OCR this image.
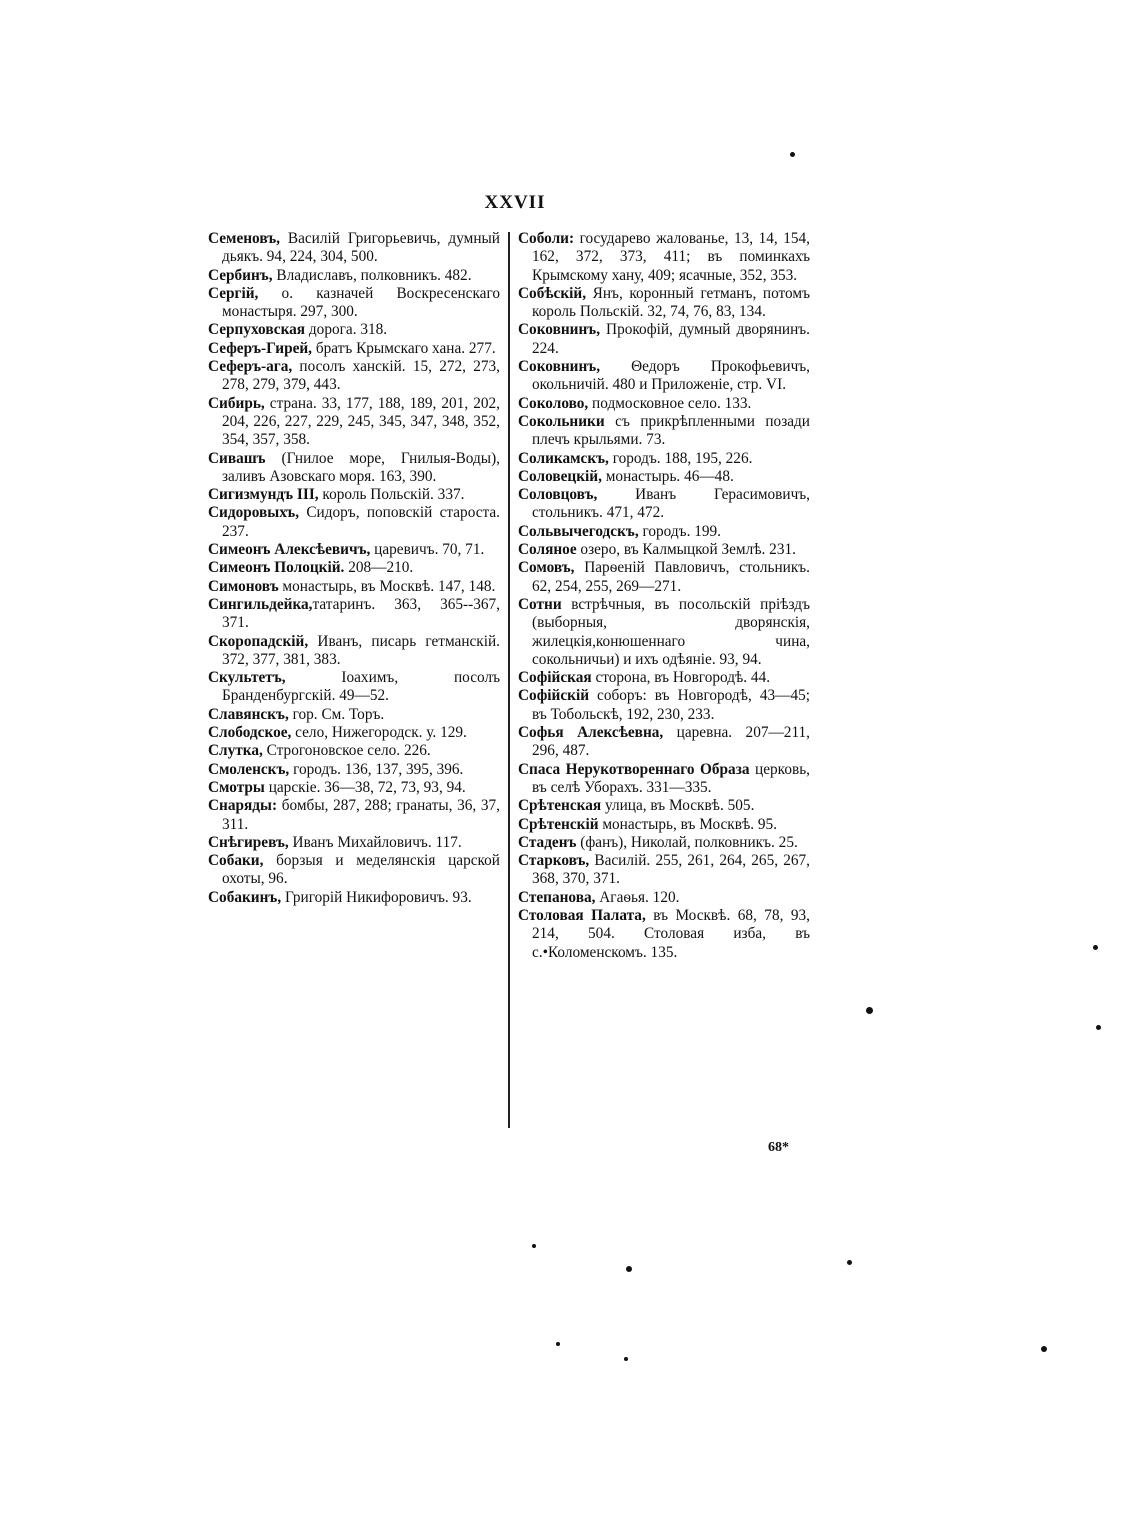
XXVII

Семеновъ, Василій Григорьевичь, думный дьякъ. 94, 224, 304, 500.

Сербинъ, Владиславъ, полковникъ. 482.

Сергій, о. казначей Воскресенскаго монастыря. 297, 300.

Серпуховская дорога. 318.

Сеферъ-Гирей, братъ Крымскаго хана. 277.

Сеферъ-ага, посолъ ханскій. 15, 272, 273, 278, 279, 379, 443.

Сибирь, страна. 33, 177, 188, 189, 201, 202, 204, 226, 227, 229, 245, 345, 347, 348, 352, 354, 357, 358.

Сивашъ (Гнилое море, Гнилыя-Воды), заливъ Азовскаго моря. 163, 390.

Сигизмундъ III, король Польскій. 337.

Сидоровыхъ, Сидоръ, поповскій староста. 237.

Симеонъ Алексѣевичъ, царевичъ. 70, 71.

Симеонъ Полоцкій. 208—210.

Симоновъ монастырь, въ Москвѣ. 147, 148.

Сингильдейка,татаринъ. 363, 365--367, 371.

Скоропадскій, Иванъ, писарь гетманскій. 372, 377, 381, 383.

Скультетъ, Іоахимъ, посолъ Бранденбургскій. 49—52.

Славянскъ, гор. См. Торъ.

Слободское, село, Нижегородск. у. 129.

Слутка, Строгоновское село. 226.

Смоленскъ, городъ. 136, 137, 395, 396.

Смотры царскіе. 36—38, 72, 73, 93, 94.

Снаряды: бомбы, 287, 288; гранаты, 36, 37, 311.

Снѣгиревъ, Иванъ Михайловичъ. 117.

Собаки, борзыя и меделянскія царской охоты, 96.

Собакинъ, Григорій Никифоровичъ. 93.

Соболи: государево жалованье, 13, 14, 154, 162, 372, 373, 411; въ поминкахъ Крымскому хану, 409; ясачные, 352, 353.

Собѣскій, Янъ, коронный гетманъ, потомъ король Польскій. 32, 74, 76, 83, 134.

Соковнинъ, Прокофій, думный дворянинъ. 224.

Соковнинъ, Θедоръ Прокофьевичъ, окольничій. 480 и Приложеніе, стр. VI.

Соколово, подмосковное село. 133.

Сокольники съ прикрѣпленными позади плечъ крыльями. 73.

Соликамскъ, городъ. 188, 195, 226.

Соловецкій, монастырь. 46—48.

Соловцовъ, Иванъ Герасимовичъ, стольникъ. 471, 472.

Сольвычегодскъ, городъ. 199.

Соляное озеро, въ Калмыцкой Землѣ. 231.

Сомовъ, Парѳеній Павловичъ, стольникъ. 62, 254, 255, 269—271.

Сотни встрѣчныя, въ посольскій пріѣздъ (выборныя, дворянскія, жилецкія,конюшеннаго чина, сокольничьи) и ихъ одѣяніе. 93, 94.

Софійская сторона, въ Новгородѣ. 44.

Софійскій соборъ: въ Новгородѣ, 43—45; въ Тобольскѣ, 192, 230, 233.

Софья Алексѣевна, царевна. 207—211, 296, 487.

Спаса Нерукотвореннаго Образа церковь, въ селѣ Уборахъ. 331—335.

Срѣтенская улица, въ Москвѣ. 505.

Срѣтенскій монастырь, въ Москвѣ. 95.

Стаденъ (фанъ), Николай, полковникъ. 25.

Старковъ, Василій. 255, 261, 264, 265, 267, 368, 370, 371.

Степанова, Агаѳья. 120.

Столовая Палата, въ Москвѣ. 68, 78, 93, 214, 504. Столовая изба, въ с.•Коломенскомъ. 135.

68*
